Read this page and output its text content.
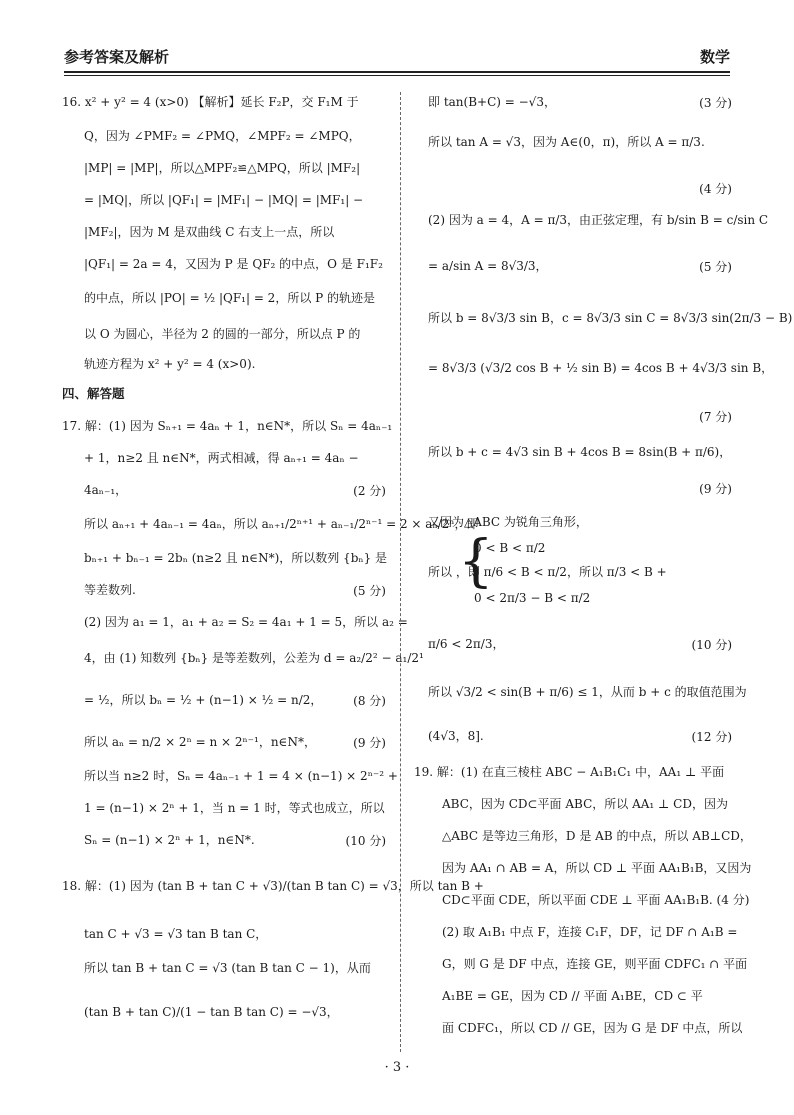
参考答案及解析	数学
16. x² + y² = 4 (x>0) 【解析】延长 F₂P，交 F₁M 于
Q，因为 ∠PMF₂ = ∠PMQ，∠MPF₂ = ∠MPQ，
|MP| = |MP|，所以△MPF₂≌△MPQ，所以 |MF₂|
= |MQ|，所以 |QF₁| = |MF₁| − |MQ| = |MF₁| −
|MF₂|，因为 M 是双曲线 C 右支上一点，所以
|QF₁| = 2a = 4，又因为 P 是 QF₂ 的中点，O 是 F₁F₂
的中点，所以 |PO| = ½ |QF₁| = 2，所以 P 的轨迹是
以 O 为圆心，半径为 2 的圆的一部分，所以点 P 的
轨迹方程为 x² + y² = 4 (x>0).
四、解答题
17. 解：(1) 因为 Sₙ₊₁ = 4aₙ + 1，n∈N*，所以 Sₙ = 4aₙ₋₁
+ 1，n≥2 且 n∈N*，两式相减，得 aₙ₊₁ = 4aₙ −
4aₙ₋₁，	(2 分)
所以 aₙ₊₁ + 4aₙ₋₁ = 4aₙ，所以 aₙ₊₁/2ⁿ⁺¹ + aₙ₋₁/2ⁿ⁻¹ = 2 × aₙ/2ⁿ，即
bₙ₊₁ + bₙ₋₁ = 2bₙ (n≥2 且 n∈N*)，所以数列 {bₙ} 是
等差数列.	(5 分)
(2) 因为 a₁ = 1，a₁ + a₂ = S₂ = 4a₁ + 1 = 5，所以 a₂ =
4，由 (1) 知数列 {bₙ} 是等差数列，公差为 d = a₂/2² − a₁/2¹
= ½，所以 bₙ = ½ + (n−1) × ½ = n/2，	(8 分)
所以 aₙ = n/2 × 2ⁿ = n × 2ⁿ⁻¹，n∈N*，	(9 分)
所以当 n≥2 时，Sₙ = 4aₙ₋₁ + 1 = 4 × (n−1) × 2ⁿ⁻² +
1 = (n−1) × 2ⁿ + 1，当 n = 1 时，等式也成立，所以
Sₙ = (n−1) × 2ⁿ + 1，n∈N*.	(10 分)
18. 解：(1) 因为 (tan B + tan C + √3)/(tan B tan C) = √3，所以 tan B +
tan C + √3 = √3 tan B tan C，
所以 tan B + tan C = √3 (tan B tan C − 1)，从而
(tan B + tan C)/(1 − tan B tan C) = −√3，
{
即 tan(B+C) = −√3，	(3 分)
所以 tan A = √3，因为 A∈(0，π)，所以 A = π/3.
(4 分)
(2) 因为 a = 4，A = π/3，由正弦定理，有 b/sin B = c/sin C
= a/sin A = 8√3/3，	(5 分)
所以 b = 8√3/3 sin B，c = 8√3/3 sin C = 8√3/3 sin(2π/3 − B)
= 8√3/3 (√3/2 cos B + ½ sin B) = 4cos B + 4√3/3 sin B，
(7 分)
所以 b + c = 4√3 sin B + 4cos B = 8sin(B + π/6)，
(9 分)
又因为△ABC 为锐角三角形，
0 < B < π/2
所以 ，即 π/6 < B < π/2，所以 π/3 < B +
0 < 2π/3 − B < π/2
π/6 < 2π/3，	(10 分)
所以 √3/2 < sin(B + π/6) ≤ 1，从而 b + c 的取值范围为
(4√3，8].	(12 分)
19. 解：(1) 在直三棱柱 ABC − A₁B₁C₁ 中，AA₁ ⊥ 平面
ABC，因为 CD⊂平面 ABC，所以 AA₁ ⊥ CD，因为
△ABC 是等边三角形，D 是 AB 的中点，所以 AB⊥CD，
因为 AA₁ ∩ AB = A，所以 CD ⊥ 平面 AA₁B₁B，又因为
CD⊂平面 CDE，所以平面 CDE ⊥ 平面 AA₁B₁B. (4 分)
(2) 取 A₁B₁ 中点 F，连接 C₁F，DF，记 DF ∩ A₁B =
G，则 G 是 DF 中点，连接 GE，则平面 CDFC₁ ∩ 平面
A₁BE = GE，因为 CD // 平面 A₁BE，CD ⊂ 平
面 CDFC₁，所以 CD // GE，因为 G 是 DF 中点，所以
· 3 ·
